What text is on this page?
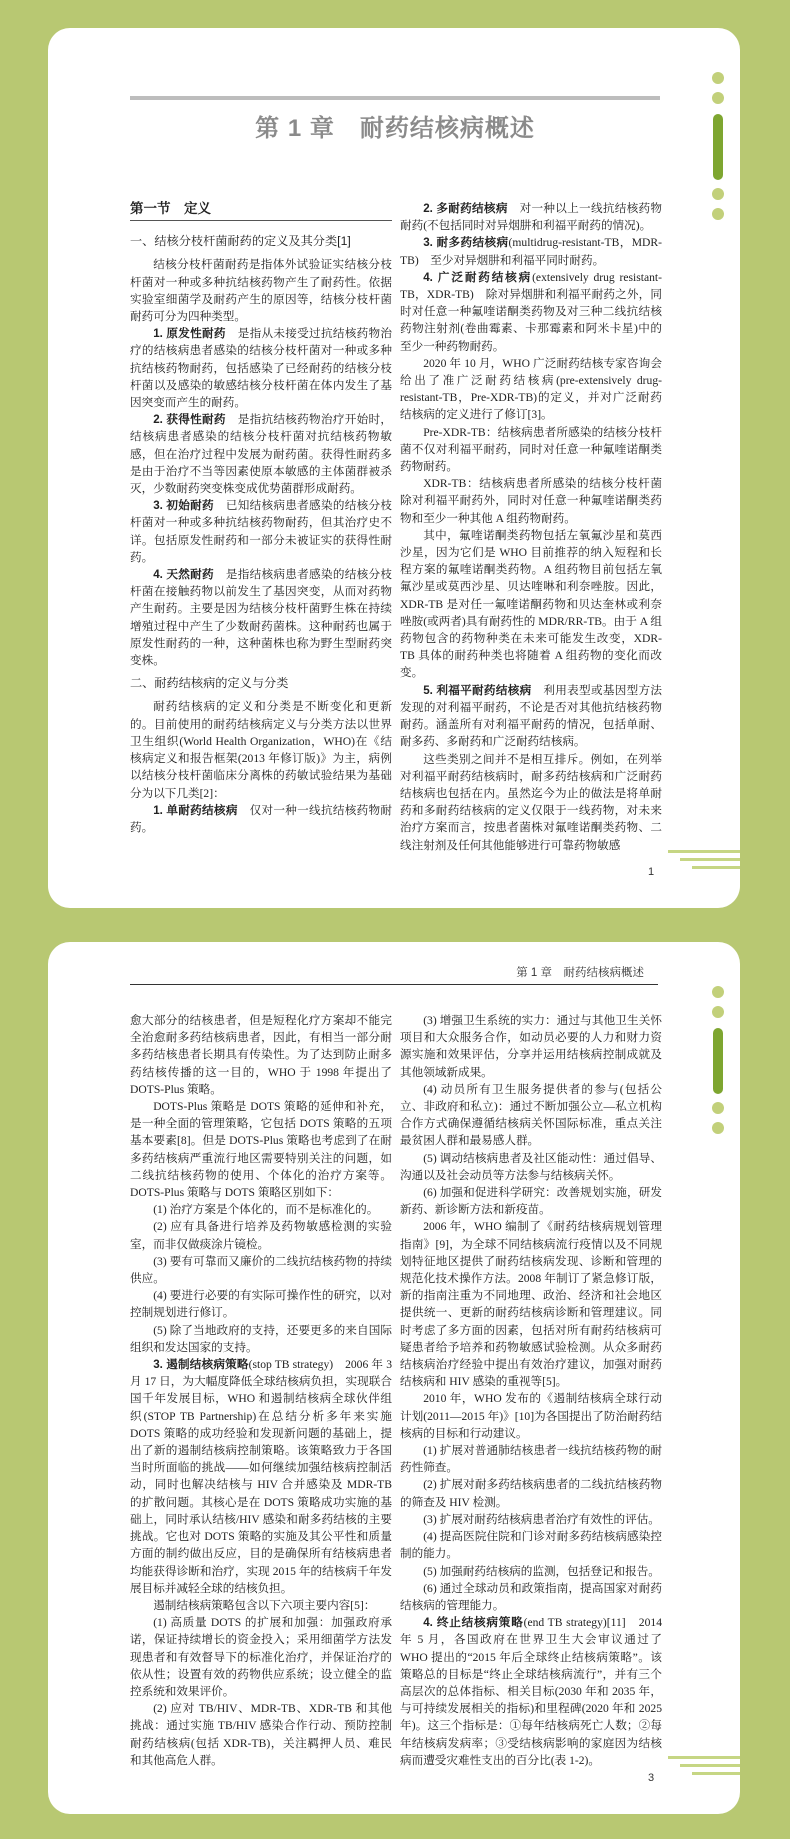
第 1 章　耐药结核病概述
第一节　定义
一、结核分枝杆菌耐药的定义及其分类[1]

结核分枝杆菌耐药是指体外试验证实结核分枝杆菌对一种或多种抗结核药物产生了耐药性。依据实验室细菌学及耐药产生的原因等，结核分枝杆菌耐药可分为四种类型。

1. 原发性耐药　是指从未接受过抗结核药物治疗的结核病患者感染的结核分枝杆菌对一种或多种抗结核药物耐药，包括感染了已经耐药的结核分枝杆菌以及感染的敏感结核分枝杆菌在体内发生了基因突变而产生的耐药。

2. 获得性耐药　是指抗结核药物治疗开始时，结核病患者感染的结核分枝杆菌对抗结核药物敏感，但在治疗过程中发展为耐药菌。获得性耐药多是由于治疗不当等因素使原本敏感的主体菌群被杀灭，少数耐药突变株变成优势菌群形成耐药。

3. 初始耐药　已知结核病患者感染的结核分枝杆菌对一种或多种抗结核药物耐药，但其治疗史不详。包括原发性耐药和一部分未被证实的获得性耐药。

4. 天然耐药　是指结核病患者感染的结核分枝杆菌在接触药物以前发生了基因突变，从而对药物产生耐药。主要是因为结核分枝杆菌野生株在持续增殖过程中产生了少数耐药菌株。这种耐药也属于原发性耐药的一种，这种菌株也称为野生型耐药突变株。

二、耐药结核病的定义与分类

耐药结核病的定义和分类是不断变化和更新的。目前使用的耐药结核病定义与分类方法以世界卫生组织(World Health Organization，WHO)在《结核病定义和报告框架(2013 年修订版)》为主，病例以结核分枝杆菌临床分离株的药敏试验结果为基础分为以下几类[2]：

1. 单耐药结核病　仅对一种一线抗结核药物耐药。

2. 多耐药结核病　对一种以上一线抗结核药物耐药(不包括同时对异烟肼和利福平耐药的情况)。

3. 耐多药结核病(multidrug-resistant-TB，MDR-TB)　至少对异烟肼和利福平同时耐药。

4. 广泛耐药结核病(extensively drug resistant-TB，XDR-TB)　除对异烟肼和利福平耐药之外，同时对任意一种氟喹诺酮类药物及对三种二线抗结核药物注射剂(卷曲霉素、卡那霉素和阿米卡星)中的至少一种药物耐药。

2020 年 10 月，WHO 广泛耐药结核专家咨询会给出了准广泛耐药结核病(pre-extensively drug-resistant-TB，Pre-XDR-TB)的定义，并对广泛耐药结核病的定义进行了修订[3]。

Pre-XDR-TB：结核病患者所感染的结核分枝杆菌不仅对利福平耐药，同时对任意一种氟喹诺酮类药物耐药。

XDR-TB：结核病患者所感染的结核分枝杆菌除对利福平耐药外，同时对任意一种氟喹诺酮类药物和至少一种其他 A 组药物耐药。

其中，氟喹诺酮类药物包括左氧氟沙星和莫西沙星，因为它们是 WHO 目前推荐的纳入短程和长程方案的氟喹诺酮类药物。A 组药物目前包括左氧氟沙星或莫西沙星、贝达喹啉和利奈唑胺。因此，XDR-TB 是对任一氟喹诺酮药物和贝达奎林或利奈唑胺(或两者)具有耐药性的 MDR/RR-TB。由于 A 组药物包含的药物种类在未来可能发生改变，XDR-TB 具体的耐药种类也将随着 A 组药物的变化而改变。

5. 利福平耐药结核病　利用表型或基因型方法发现的对利福平耐药，不论是否对其他抗结核药物耐药。涵盖所有对利福平耐药的情况，包括单耐、耐多药、多耐药和广泛耐药结核病。

这些类别之间并不是相互排斥。例如，在列举对利福平耐药结核病时，耐多药结核病和广泛耐药结核病也包括在内。虽然迄今为止的做法是将单耐药和多耐药结核病的定义仅限于一线药物，对未来治疗方案而言，按患者菌株对氟喹诺酮类药物、二线注射剂及任何其他能够进行可靠药物敏感

1
第 1 章　耐药结核病概述

愈大部分的结核患者，但是短程化疗方案却不能完全治愈耐多药结核病患者，因此，有相当一部分耐多药结核患者长期具有传染性。为了达到防止耐多药结核传播的这一目的，WHO 于 1998 年提出了 DOTS-Plus 策略。

DOTS-Plus 策略是 DOTS 策略的延伸和补充，是一种全面的管理策略，它包括 DOTS 策略的五项基本要素[8]。但是 DOTS-Plus 策略也考虑到了在耐多药结核病严重流行地区需要特别关注的问题，如二线抗结核药物的使用、个体化的治疗方案等。DOTS-Plus 策略与 DOTS 策略区别如下：

(1) 治疗方案是个体化的，而不是标准化的。

(2) 应有具备进行培养及药物敏感检测的实验室，而非仅做痰涂片镜检。

(3) 要有可靠而又廉价的二线抗结核药物的持续供应。

(4) 要进行必要的有实际可操作性的研究，以对控制规划进行修订。

(5) 除了当地政府的支持，还要更多的来自国际组织和发达国家的支持。

3. 遏制结核病策略(stop TB strategy)　2006 年 3 月 17 日，为大幅度降低全球结核病负担，实现联合国千年发展目标，WHO 和遏制结核病全球伙伴组织(STOP TB Partnership)在总结分析多年来实施 DOTS 策略的成功经验和发现新问题的基础上，提出了新的遏制结核病控制策略。该策略致力于各国当时所面临的挑战——如何继续加强结核病控制活动，同时也解决结核与 HIV 合并感染及 MDR-TB 的扩散问题。其核心是在 DOTS 策略成功实施的基础上，同时承认结核/HIV 感染和耐多药结核的主要挑战。它也对 DOTS 策略的实施及其公平性和质量方面的制约做出反应，目的是确保所有结核病患者均能获得诊断和治疗，实现 2015 年的结核病千年发展目标并减轻全球的结核负担。

遏制结核病策略包含以下六项主要内容[5]：

(1) 高质量 DOTS 的扩展和加强：加强政府承诺，保证持续增长的资金投入；采用细菌学方法发现患者和有效督导下的标准化治疗，并保证治疗的依从性；设置有效的药物供应系统；设立健全的监控系统和效果评价。

(2) 应对 TB/HIV、MDR-TB、XDR-TB 和其他挑战：通过实施 TB/HIV 感染合作行动、预防控制耐药结核病(包括 XDR-TB)，关注羁押人员、难民和其他高危人群。

(3) 增强卫生系统的实力：通过与其他卫生关怀项目和大众服务合作，如动员必要的人力和财力资源实施和效果评估，分享并运用结核病控制成就及其他领域新成果。

(4) 动员所有卫生服务提供者的参与(包括公立、非政府和私立)：通过不断加强公立—私立机构合作方式确保遵循结核病关怀国际标准，重点关注最贫困人群和最易感人群。

(5) 调动结核病患者及社区能动性：通过倡导、沟通以及社会动员等方法参与结核病关怀。

(6) 加强和促进科学研究：改善规划实施，研发新药、新诊断方法和新疫苗。

2006 年，WHO 编制了《耐药结核病规划管理指南》[9]，为全球不同结核病流行疫情以及不同规划特征地区提供了耐药结核病发现、诊断和管理的规范化技术操作方法。2008 年制订了紧急修订版，新的指南注重为不同地理、政治、经济和社会地区提供统一、更新的耐药结核病诊断和管理建议。同时考虑了多方面的因素，包括对所有耐药结核病可疑患者给予培养和药物敏感试验检测。从众多耐药结核病治疗经验中提出有效治疗建议，加强对耐药结核病和 HIV 感染的重视等[5]。

2010 年，WHO 发布的《遏制结核病全球行动计划(2011—2015 年)》[10]为各国提出了防治耐药结核病的目标和行动建议。

(1) 扩展对普通肺结核患者一线抗结核药物的耐药性筛查。

(2) 扩展对耐多药结核病患者的二线抗结核药物的筛查及 HIV 检测。

(3) 扩展对耐药结核病患者治疗有效性的评估。

(4) 提高医院住院和门诊对耐多药结核病感染控制的能力。

(5) 加强耐药结核病的监测，包括登记和报告。

(6) 通过全球动员和政策指南，提高国家对耐药结核病的管理能力。

4. 终止结核病策略(end TB strategy)[11]　2014 年 5 月，各国政府在世界卫生大会审议通过了 WHO 提出的“2015 年后全球终止结核病策略”。该策略总的目标是“终止全球结核病流行”，并有三个高层次的总体指标、相关目标(2030 年和 2035 年，与可持续发展相关的指标)和里程碑(2020 年和 2025 年)。这三个指标是：①每年结核病死亡人数；②每年结核病发病率；③受结核病影响的家庭因为结核病而遭受灾难性支出的百分比(表 1-2)。

3
